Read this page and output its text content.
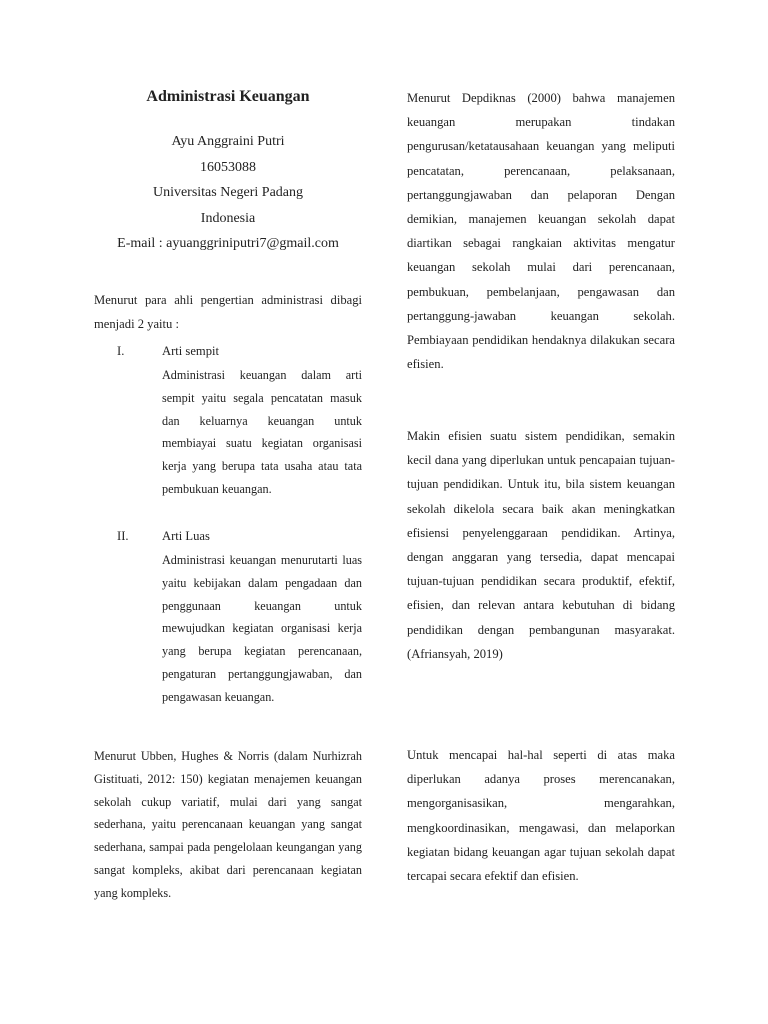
Administrasi Keuangan
Ayu Anggraini Putri
16053088
Universitas Negeri Padang
Indonesia
E-mail : ayuanggriniputri7@gmail.com

Menurut para ahli pengertian administrasi dibagi menjadi 2 yaitu :

I.	Arti sempit
Administrasi keuangan dalam arti sempit yaitu segala pencatatan masuk dan keluarnya keuangan untuk membiayai suatu kegiatan organisasi kerja yang berupa tata usaha atau tata pembukuan keuangan.
II.	Arti Luas
Administrasi keuangan menurutarti luas yaitu kebijakan dalam pengadaan dan penggunaan keuangan untuk mewujudkan kegiatan organisasi kerja yang berupa kegiatan perencanaan, pengaturan pertanggungjawaban, dan pengawasan keuangan.

Menurut Ubben, Hughes & Norris (dalam Nurhizrah Gistituati, 2012: 150) kegiatan menajemen keuangan sekolah cukup variatif, mulai dari yang sangat sederhana, yaitu perencanaan keuangan yang sangat sederhana, sampai pada pengelolaan keungangan yang sangat kompleks, akibat dari perencanaan kegiatan yang kompleks.

Menurut Depdiknas (2000) bahwa manajemen keuangan merupakan tindakan pengurusan/ketatausahaan keuangan yang meliputi pencatatan, perencanaan, pelaksanaan, pertanggungjawaban dan pelaporan Dengan demikian, manajemen keuangan sekolah dapat diartikan sebagai rangkaian aktivitas mengatur keuangan sekolah mulai dari perencanaan, pembukuan, pembelanjaan, pengawasan dan pertanggung-jawaban keuangan sekolah. Pembiayaan pendidikan hendaknya dilakukan secara efisien.

Makin efisien suatu sistem pendidikan, semakin kecil dana yang diperlukan untuk pencapaian tujuan-tujuan pendidikan. Untuk itu, bila sistem keuangan sekolah dikelola secara baik akan meningkatkan efisiensi penyelenggaraan pendidikan. Artinya, dengan anggaran yang tersedia, dapat mencapai tujuan-tujuan pendidikan secara produktif, efektif, efisien, dan relevan antara kebutuhan di bidang pendidikan dengan pembangunan masyarakat.(Afriansyah, 2019)

Untuk mencapai hal-hal seperti di atas maka diperlukan adanya proses merencanakan, mengorganisasikan, mengarahkan, mengkoordinasikan, mengawasi, dan melaporkan kegiatan bidang keuangan agar tujuan sekolah dapat tercapai secara efektif dan efisien.
